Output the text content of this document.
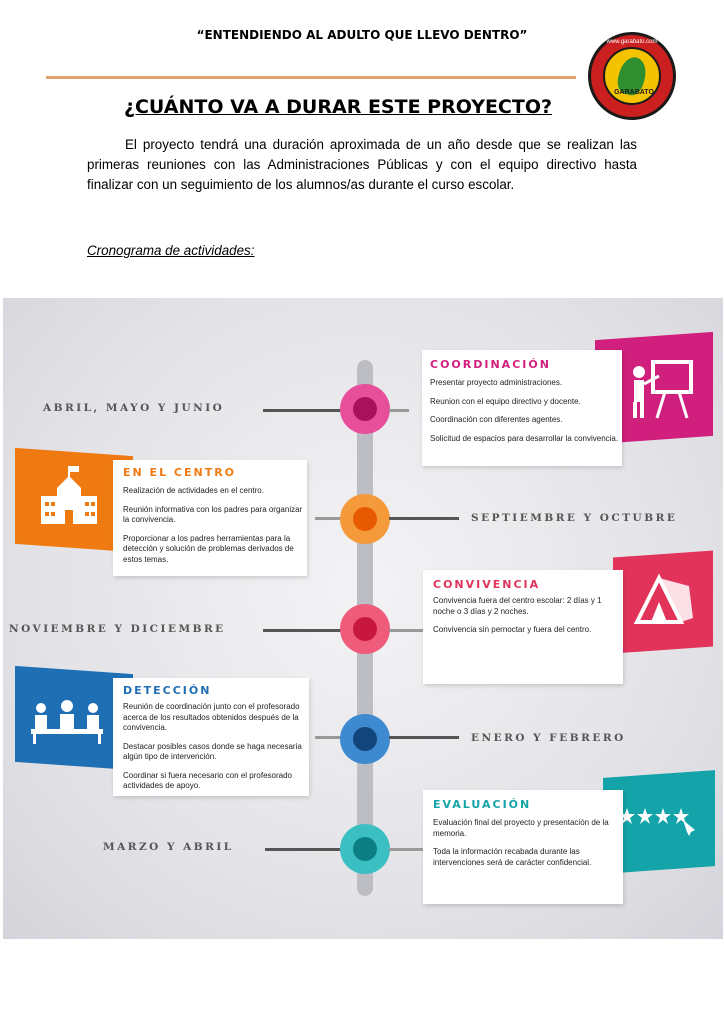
“ENTENDIENDO AL ADULTO QUE LLEVO DENTRO”	www.garabato.com
GARABATO
¿CUÁNTO VA A DURAR ESTE PROYECTO?

El proyecto tendrá una duración aproximada de un año desde que se realizan las primeras reuniones con las Administraciones Públicas y con el equipo directivo hasta finalizar con un seguimiento de los alumnos/as durante el curso escolar.

Cronograma de actividades:
ABRIL, MAYO Y JUNIO
COORDINACIÓN
Presentar proyecto administraciones.
Reunion con el equipo directivo y docente.
Coordinación con diferentes agentes.
Solicitud de espacios para desarrollar la convivencia.
EN EL CENTRO
Realización de actividades en el centro.
Reunión informativa con los padres para organizar la convivencia.
Proporcionar a los padres herramientas para la detección y solución de problemas derivados de estos temas.
SEPTIEMBRE Y OCTUBRE
NOVIEMBRE Y DICIEMBRE
CONVIVENCIA
Convivencia fuera del centro escolar: 2 días y 1 noche o 3 días y 2 noches.
Convivencia sin pernoctar y fuera del centro.
DETECCIÓN
Reunión de coordinación junto con el profesorado acerca de los resultados obtenidos después de la convivencia.
Destacar posibles casos donde se haga necesaria algún tipo de intervención.
Coordinar si fuera necesario con el profesorado actividades de apoyo.
ENERO Y FEBRERO
MARZO Y ABRIL
EVALUACIÓN
Evaluación final del proyecto y presentación de la memoria.
Toda la información recabada durante las intervenciones será de carácter confidencial.
